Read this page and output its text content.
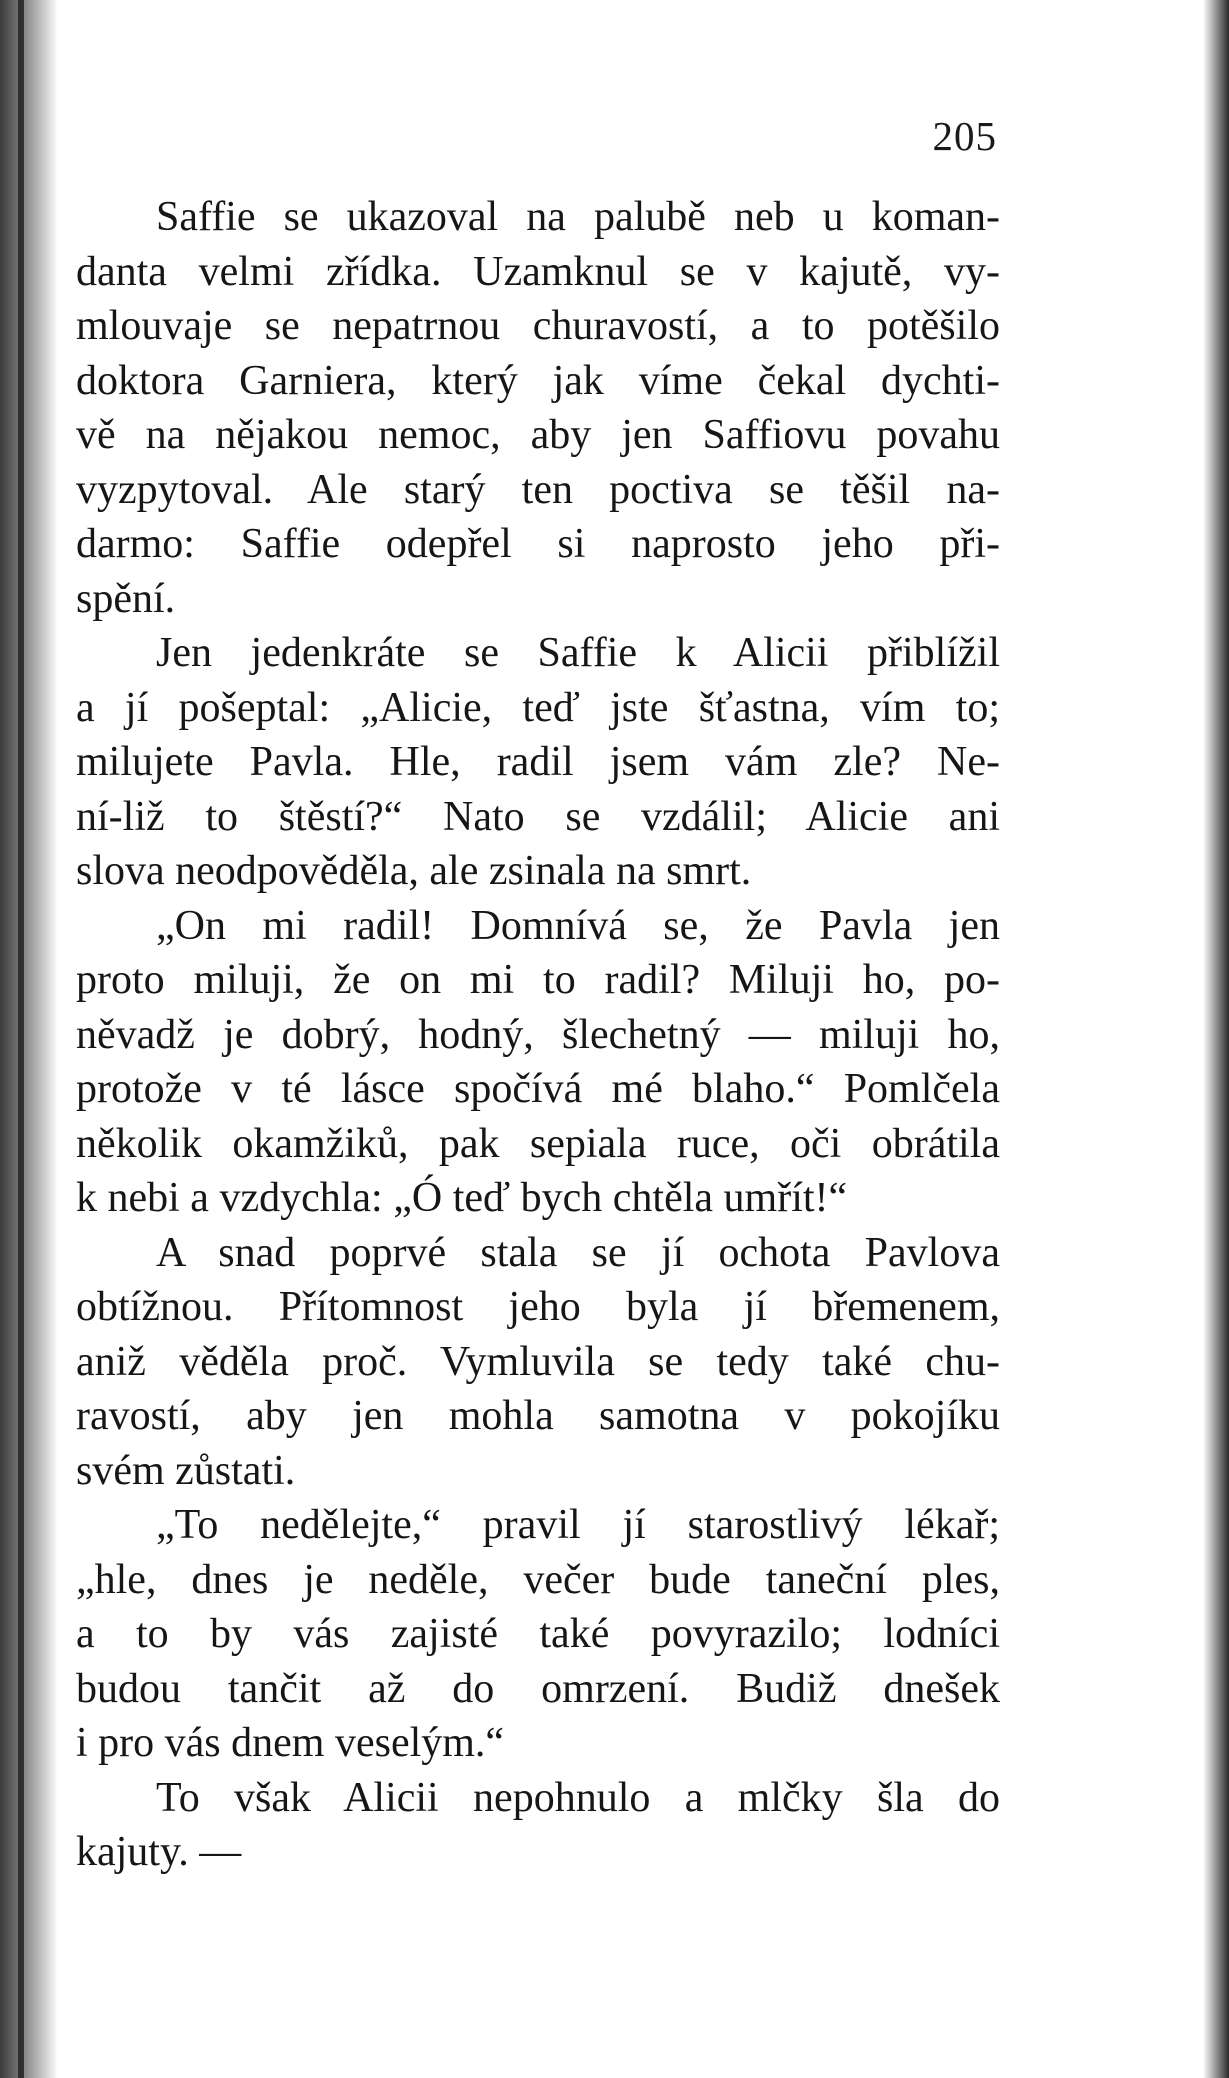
205
Saffie se ukazoval na palubě neb u koman-
danta velmi zřídka. Uzamknul se v kajutě, vy-
mlouvaje se nepatrnou churavostí, a to potěšilo
doktora Garniera, který jak víme čekal dychti-
vě na nějakou nemoc, aby jen Saffiovu povahu
vyzpytoval. Ale starý ten poctiva se těšil na-
darmo: Saffie odepřel si naprosto jeho při-
spění.
Jen jedenkráte se Saffie k Alicii přiblížil
a jí pošeptal: „Alicie, teď jste šťastna, vím to;
milujete Pavla. Hle, radil jsem vám zle? Ne-
ní-liž to štěstí?“ Nato se vzdálil; Alicie ani
slova neodpověděla, ale zsinala na smrt.
„On mi radil! Domnívá se, že Pavla jen
proto miluji, že on mi to radil? Miluji ho, po-
něvadž je dobrý, hodný, šlechetný — miluji ho,
protože v té lásce spočívá mé blaho.“ Pomlčela
několik okamžiků, pak sepiala ruce, oči obrátila
k nebi a vzdychla: „Ó teď bych chtěla umřít!“
A snad poprvé stala se jí ochota Pavlova
obtížnou. Přítomnost jeho byla jí břemenem,
aniž věděla proč. Vymluvila se tedy také chu-
ravostí, aby jen mohla samotna v pokojíku
svém zůstati.
„To nedělejte,“ pravil jí starostlivý lékař;
„hle, dnes je neděle, večer bude taneční ples,
a to by vás zajisté také povyrazilo; lodníci
budou tančit až do omrzení. Budiž dnešek
i pro vás dnem veselým.“
To však Alicii nepohnulo a mlčky šla do
kajuty. —
